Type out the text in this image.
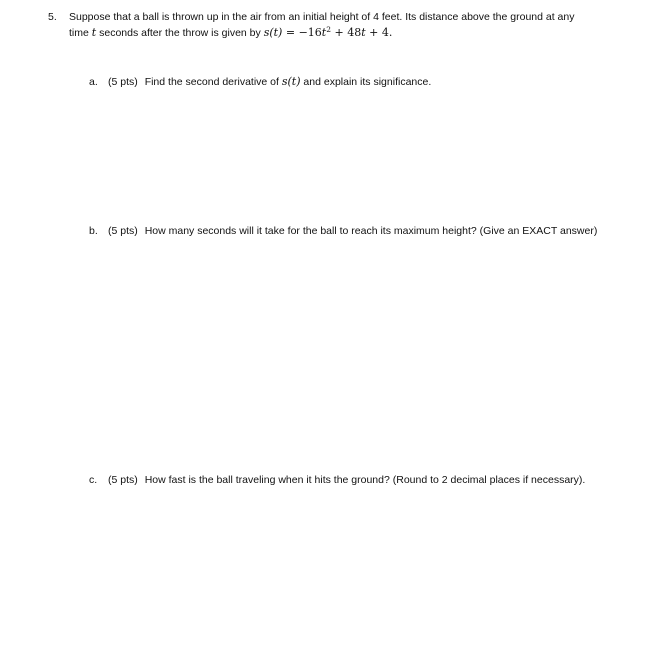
5. Suppose that a ball is thrown up in the air from an initial height of 4 feet. Its distance above the ground at any
time t seconds after the throw is given by $s(t) = -16t^2 + 48t + 4$.
a. (5 pts) Find the second derivative of s(t) and explain its significance.
b. (5 pts) How many seconds will it take for the ball to reach its maximum height? (Give an EXACT answer)
c. (5 pts) How fast is the ball traveling when it hits the ground? (Round to 2 decimal places if necessary).
